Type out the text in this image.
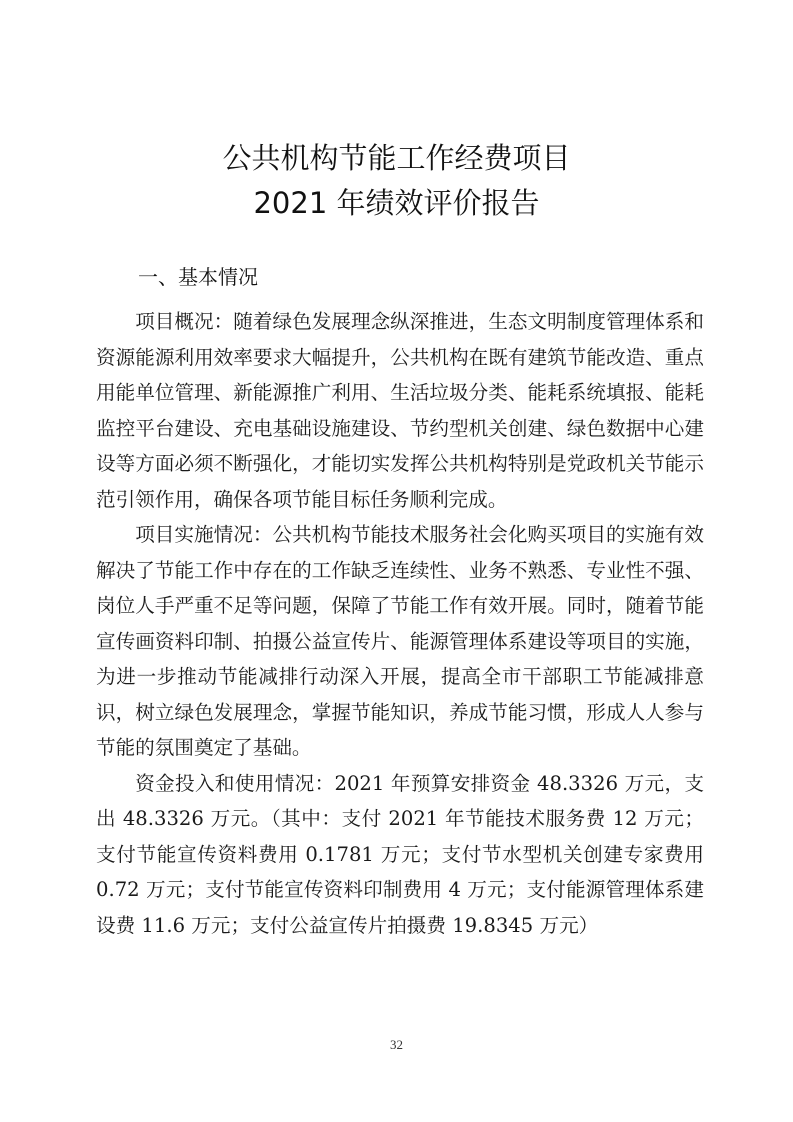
公共机构节能工作经费项目
2021 年绩效评价报告
一、基本情况

项目概况：随着绿色发展理念纵深推进，生态文明制度管理体系和资源能源利用效率要求大幅提升，公共机构在既有建筑节能改造、重点用能单位管理、新能源推广利用、生活垃圾分类、能耗系统填报、能耗监控平台建设、充电基础设施建设、节约型机关创建、绿色数据中心建设等方面必须不断强化，才能切实发挥公共机构特别是党政机关节能示范引领作用，确保各项节能目标任务顺利完成。

项目实施情况：公共机构节能技术服务社会化购买项目的实施有效解决了节能工作中存在的工作缺乏连续性、业务不熟悉、专业性不强、岗位人手严重不足等问题，保障了节能工作有效开展。同时，随着节能宣传画资料印制、拍摄公益宣传片、能源管理体系建设等项目的实施，为进一步推动节能减排行动深入开展，提高全市干部职工节能减排意识，树立绿色发展理念，掌握节能知识，养成节能习惯，形成人人参与节能的氛围奠定了基础。

资金投入和使用情况：2021 年预算安排资金 48.3326 万元，支出 48.3326 万元。（其中：支付 2021 年节能技术服务费 12 万元；支付节能宣传资料费用 0.1781 万元；支付节水型机关创建专家费用 0.72 万元；支付节能宣传资料印制费用 4 万元；支付能源管理体系建设费 11.6 万元；支付公益宣传片拍摄费 19.8345 万元）

32
